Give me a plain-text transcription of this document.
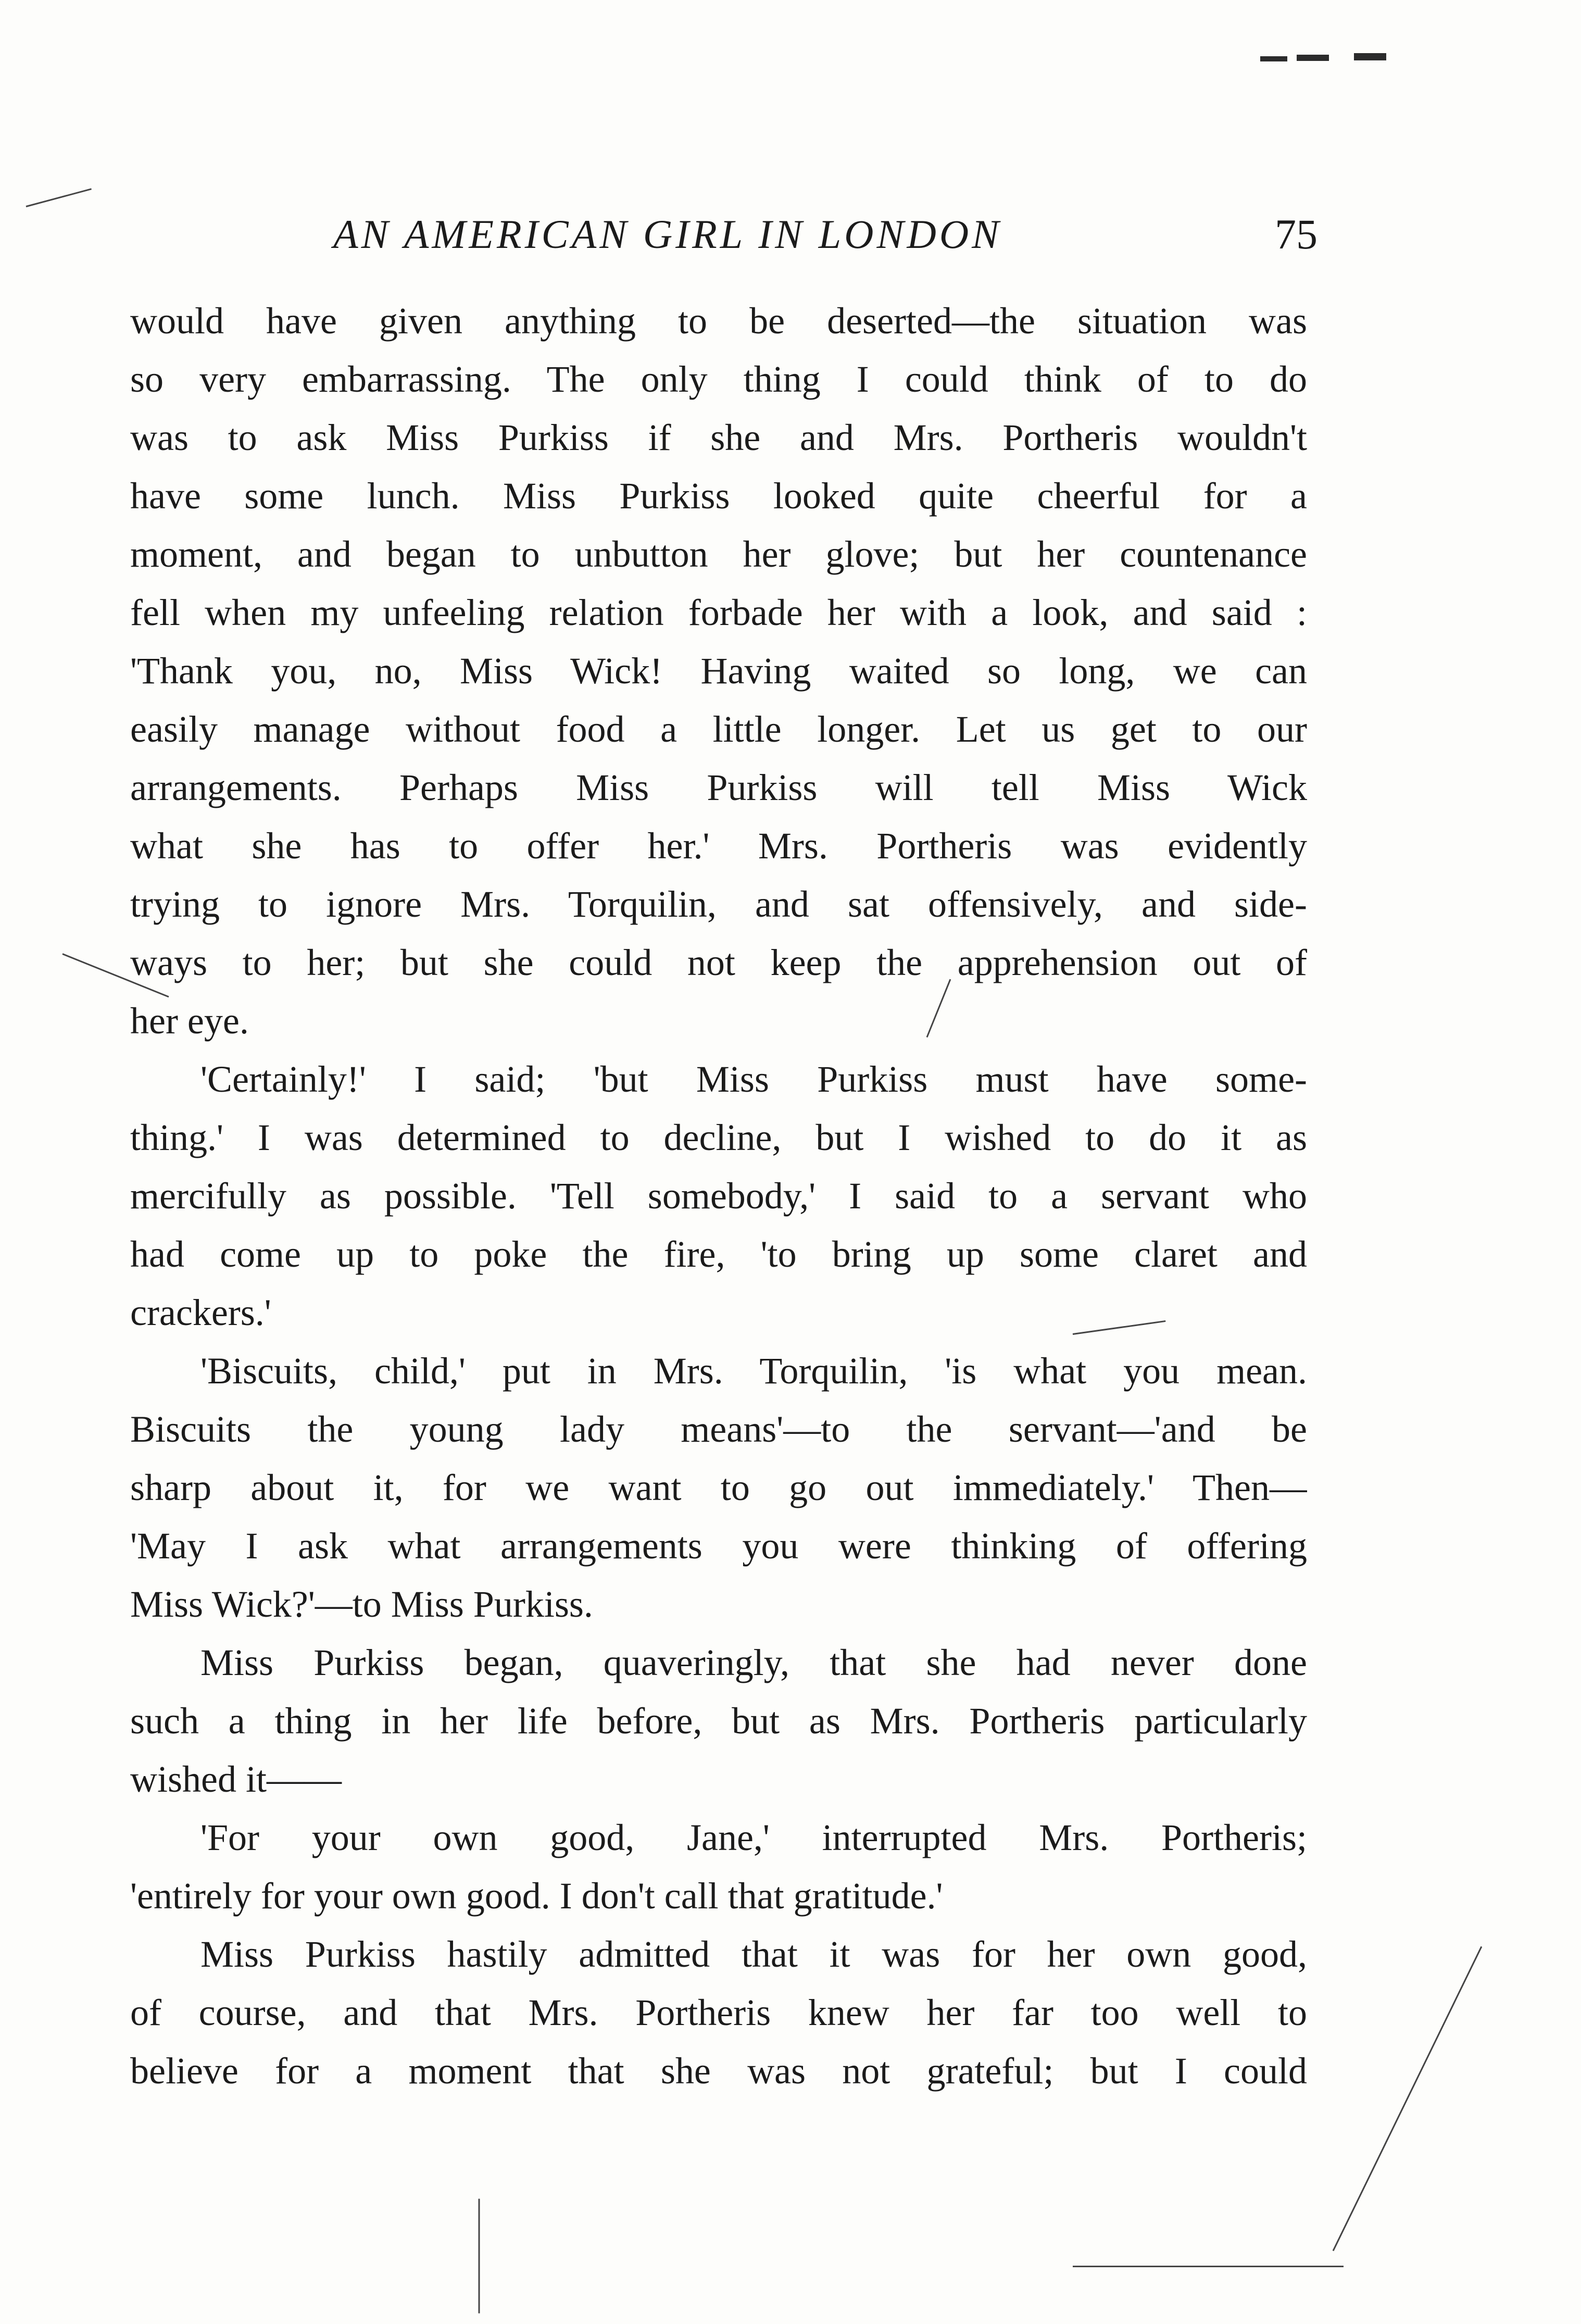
AN AMERICAN GIRL IN LONDON	75
would have given anything to be deserted—the situation was
so very embarrassing. The only thing I could think of to do
was to ask Miss Purkiss if she and Mrs. Portheris wouldn't
have some lunch. Miss Purkiss looked quite cheerful for a
moment, and began to unbutton her glove; but her countenance
fell when my unfeeling relation forbade her with a look, and said :
'Thank you, no, Miss Wick! Having waited so long, we can
easily manage without food a little longer. Let us get to our
arrangements. Perhaps Miss Purkiss will tell Miss Wick
what she has to offer her.' Mrs. Portheris was evidently
trying to ignore Mrs. Torquilin, and sat offensively, and side-
ways to her; but she could not keep the apprehension out of
her eye.
'Certainly!' I said; 'but Miss Purkiss must have some-
thing.' I was determined to decline, but I wished to do it as
mercifully as possible. 'Tell somebody,' I said to a servant who
had come up to poke the fire, 'to bring up some claret and
crackers.'
'Biscuits, child,' put in Mrs. Torquilin, 'is what you mean.
Biscuits the young lady means'—to the servant—'and be
sharp about it, for we want to go out immediately.' Then—
'May I ask what arrangements you were thinking of offering
Miss Wick?'—to Miss Purkiss.
Miss Purkiss began, quaveringly, that she had never done
such a thing in her life before, but as Mrs. Portheris particularly
wished it——
'For your own good, Jane,' interrupted Mrs. Portheris;
'entirely for your own good. I don't call that gratitude.'
Miss Purkiss hastily admitted that it was for her own good,
of course, and that Mrs. Portheris knew her far too well to
believe for a moment that she was not grateful; but I could
